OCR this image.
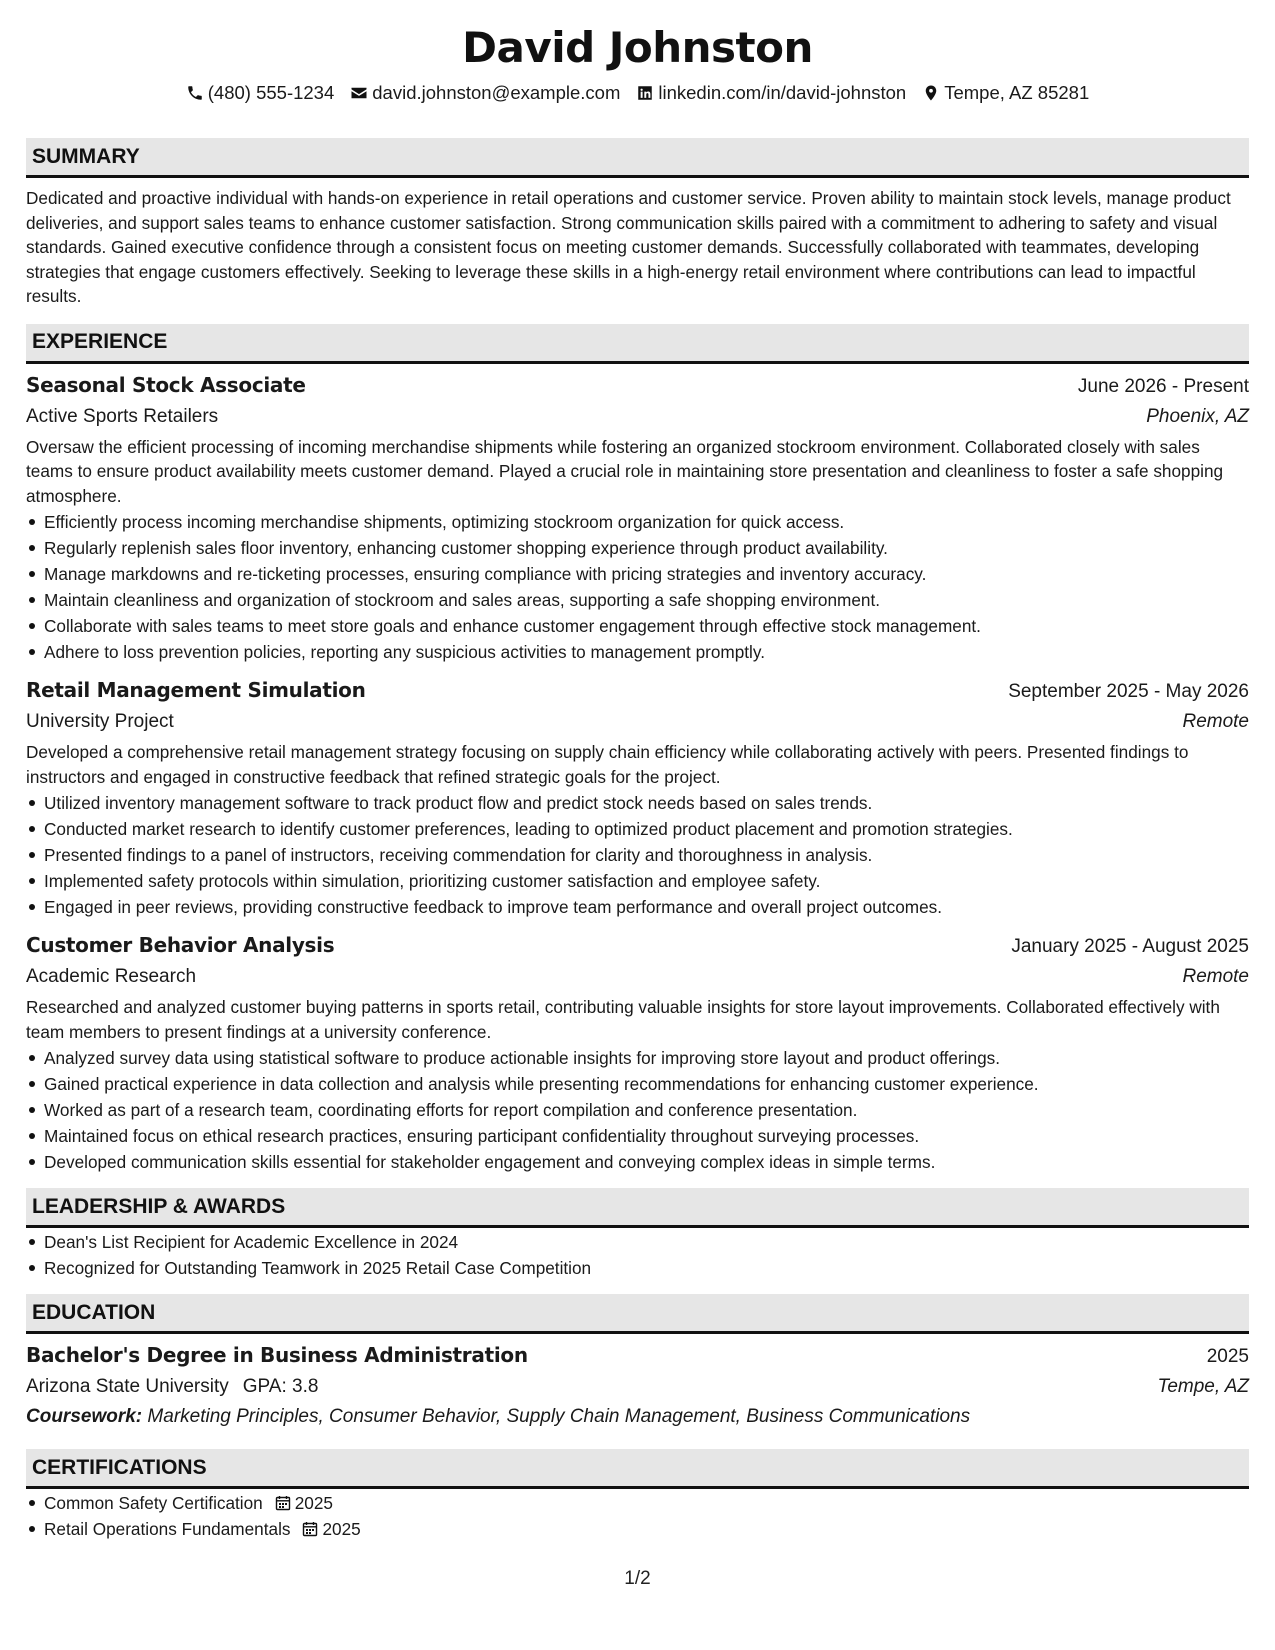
David Johnston
(480) 555-1234 david.johnston@example.com linkedin.com/in/david-johnston Tempe, AZ 85281
SUMMARY

Dedicated and proactive individual with hands-on experience in retail operations and customer service. Proven ability to maintain stock levels, manage product deliveries, and support sales teams to enhance customer satisfaction. Strong communication skills paired with a commitment to adhering to safety and visual standards. Gained executive confidence through a consistent focus on meeting customer demands. Successfully collaborated with teammates, developing strategies that engage customers effectively. Seeking to leverage these skills in a high-energy retail environment where contributions can lead to impactful results.

EXPERIENCE
Seasonal Stock Associate	June 2026 - Present
Active Sports Retailers	Phoenix, AZ

Oversaw the efficient processing of incoming merchandise shipments while fostering an organized stockroom environment. Collaborated closely with sales teams to ensure product availability meets customer demand. Played a crucial role in maintaining store presentation and cleanliness to foster a safe shopping atmosphere.

Efficiently process incoming merchandise shipments, optimizing stockroom organization for quick access.
Regularly replenish sales floor inventory, enhancing customer shopping experience through product availability.
Manage markdowns and re-ticketing processes, ensuring compliance with pricing strategies and inventory accuracy.
Maintain cleanliness and organization of stockroom and sales areas, supporting a safe shopping environment.
Collaborate with sales teams to meet store goals and enhance customer engagement through effective stock management.
Adhere to loss prevention policies, reporting any suspicious activities to management promptly.
Retail Management Simulation	September 2025 - May 2026
University Project	Remote

Developed a comprehensive retail management strategy focusing on supply chain efficiency while collaborating actively with peers. Presented findings to instructors and engaged in constructive feedback that refined strategic goals for the project.

Utilized inventory management software to track product flow and predict stock needs based on sales trends.
Conducted market research to identify customer preferences, leading to optimized product placement and promotion strategies.
Presented findings to a panel of instructors, receiving commendation for clarity and thoroughness in analysis.
Implemented safety protocols within simulation, prioritizing customer satisfaction and employee safety.
Engaged in peer reviews, providing constructive feedback to improve team performance and overall project outcomes.
Customer Behavior Analysis	January 2025 - August 2025
Academic Research	Remote

Researched and analyzed customer buying patterns in sports retail, contributing valuable insights for store layout improvements. Collaborated effectively with team members to present findings at a university conference.

Analyzed survey data using statistical software to produce actionable insights for improving store layout and product offerings.
Gained practical experience in data collection and analysis while presenting recommendations for enhancing customer experience.
Worked as part of a research team, coordinating efforts for report compilation and conference presentation.
Maintained focus on ethical research practices, ensuring participant confidentiality throughout surveying processes.
Developed communication skills essential for stakeholder engagement and conveying complex ideas in simple terms.
LEADERSHIP & AWARDS
Dean's List Recipient for Academic Excellence in 2024
Recognized for Outstanding Teamwork in 2025 Retail Case Competition
EDUCATION
Bachelor's Degree in Business Administration	2025
Arizona State University GPA: 3.8	Tempe, AZ
Coursework: Marketing Principles, Consumer Behavior, Supply Chain Management, Business Communications
CERTIFICATIONS
Common Safety Certification 2025
Retail Operations Fundamentals 2025
1/2
